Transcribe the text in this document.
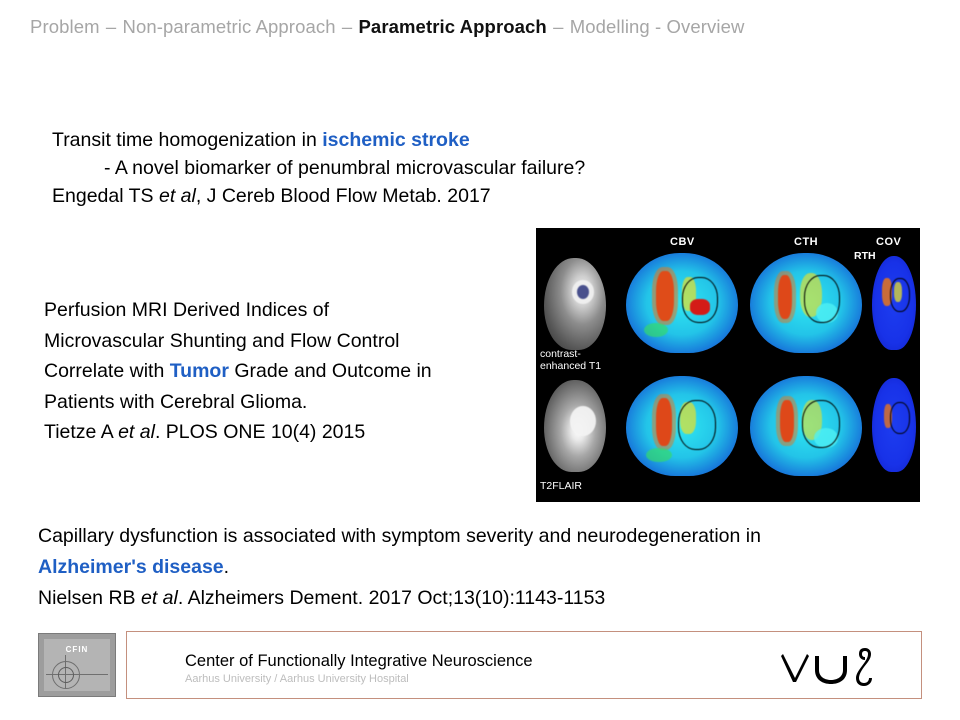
Problem – Non-parametric Approach – Parametric Approach – Modelling - Overview
Transit time homogenization in ischemic stroke
- A novel biomarker of penumbral microvascular failure?
Engedal TS et al, J Cereb Blood Flow Metab. 2017
Perfusion MRI Derived Indices of
Microvascular Shunting and Flow Control
Correlate with Tumor Grade and Outcome in
Patients with Cerebral Glioma.
Tietze A et al. PLOS ONE 10(4) 2015
Capillary dysfunction is associated with symptom severity and neurodegeneration in
Alzheimer's disease.
Nielsen RB et al. Alzheimers Dement. 2017 Oct;13(10):1143-1153
CBV	CTH	COV
RTH
contrast-
enhanced T1
T2FLAIR
CFIN
Center of Functionally Integrative Neuroscience
Aarhus University / Aarhus University Hospital
